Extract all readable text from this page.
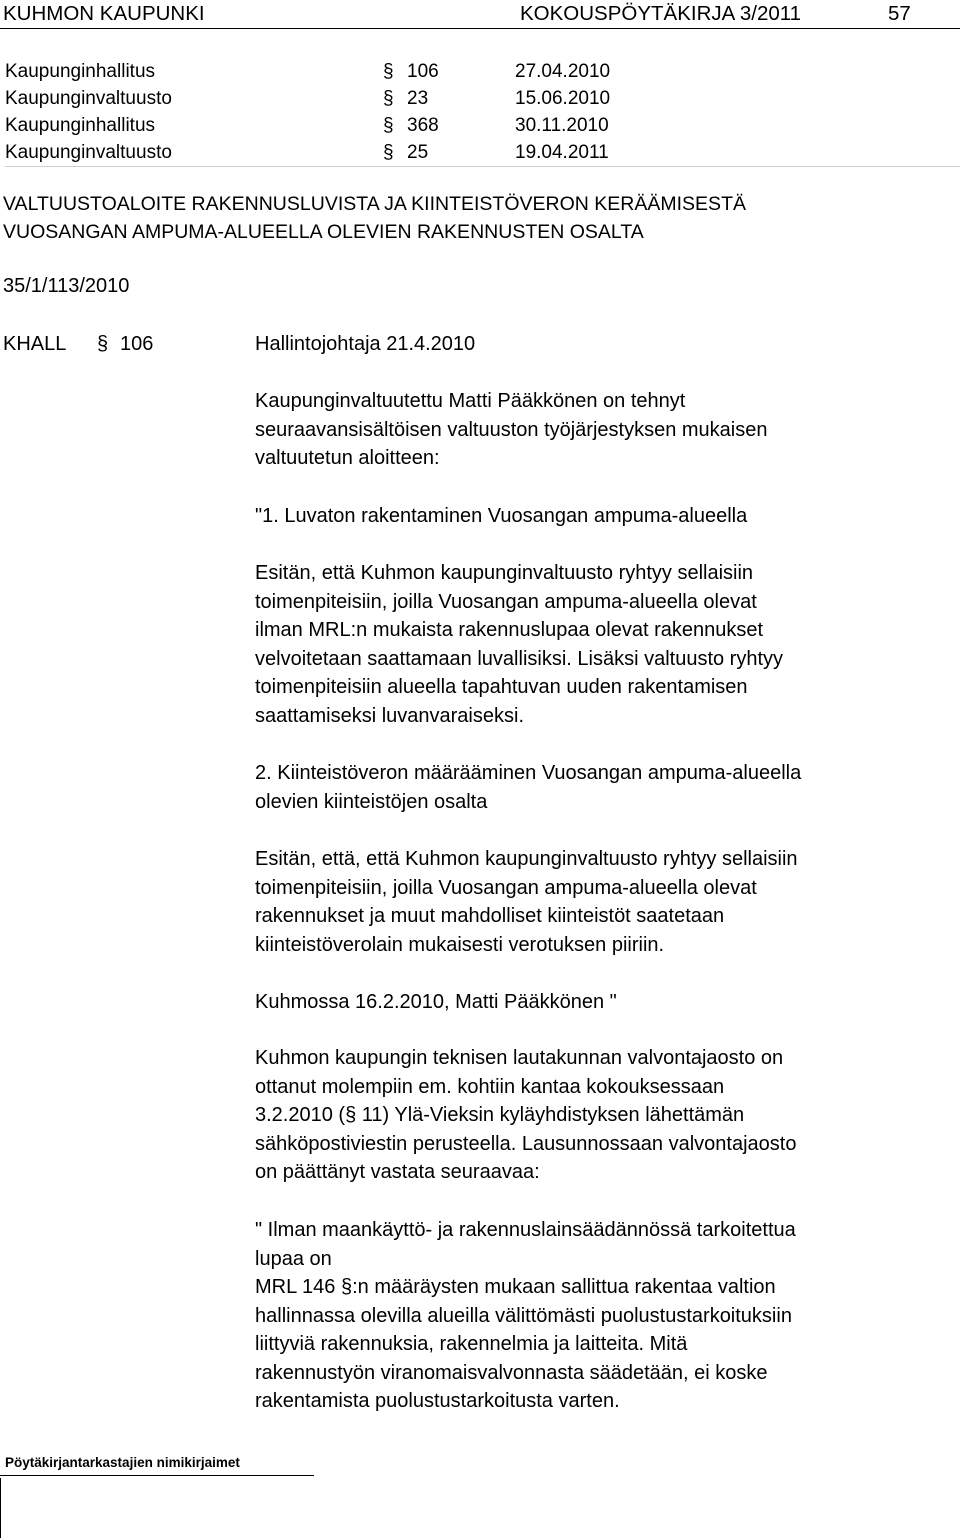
KUHMON KAUPUNKI	KOKOUSPÖYTÄKIRJA 3/2011	57
Kaupunginhallitus	§ 106	27.04.2010
Kaupunginvaltuusto	§ 23	15.06.2010
Kaupunginhallitus	§ 368	30.11.2010
Kaupunginvaltuusto	§ 25	19.04.2011
VALTUUSTOALOITE RAKENNUSLUVISTA JA KIINTEISTÖVERON KERÄÄMISESTÄ
VUOSANGAN AMPUMA-ALUEELLA OLEVIEN RAKENNUSTEN OSALTA
35/1/113/2010
KHALL § 106	Hallintojohtaja 21.4.2010
Kaupunginvaltuutettu Matti Pääkkönen on tehnyt
seuraavansisältöisen valtuuston työjärjestyksen mukaisen
valtuutetun aloitteen:
"1. Luvaton rakentaminen Vuosangan ampuma-alueella
Esitän, että Kuhmon kaupunginvaltuusto ryhtyy sellaisiin
toimenpiteisiin, joilla Vuosangan ampuma-alueella olevat
ilman MRL:n mukaista rakennuslupaa olevat rakennukset
velvoitetaan saattamaan luvallisiksi. Lisäksi valtuusto ryhtyy
toimenpiteisiin alueella tapahtuvan uuden rakentamisen
saattamiseksi luvanvaraiseksi.
2. Kiinteistöveron määrääminen Vuosangan ampuma-alueella
olevien kiinteistöjen osalta
Esitän, että, että Kuhmon kaupunginvaltuusto ryhtyy sellaisiin
toimenpiteisiin, joilla Vuosangan ampuma-alueella olevat
rakennukset ja muut mahdolliset kiinteistöt saatetaan
kiinteistöverolain mukaisesti verotuksen piiriin.
Kuhmossa 16.2.2010, Matti Pääkkönen "
Kuhmon kaupungin teknisen lautakunnan valvontajaosto on
ottanut molempiin em. kohtiin kantaa kokouksessaan
3.2.2010 (§ 11) Ylä-Vieksin kyläyhdistyksen lähettämän
sähköpostiviestin perusteella. Lausunnossaan valvontajaosto
on päättänyt vastata seuraavaa:
" Ilman maankäyttö- ja rakennuslainsäädännössä tarkoitettua
lupaa on
MRL 146 §:n määräysten mukaan sallittua rakentaa valtion
hallinnassa olevilla alueilla välittömästi puolustustarkoituksiin
liittyviä rakennuksia, rakennelmia ja laitteita. Mitä
rakennustyön viranomaisvalvonnasta säädetään, ei koske
rakentamista puolustustarkoitusta varten.
Pöytäkirjantarkastajien nimikirjaimet
